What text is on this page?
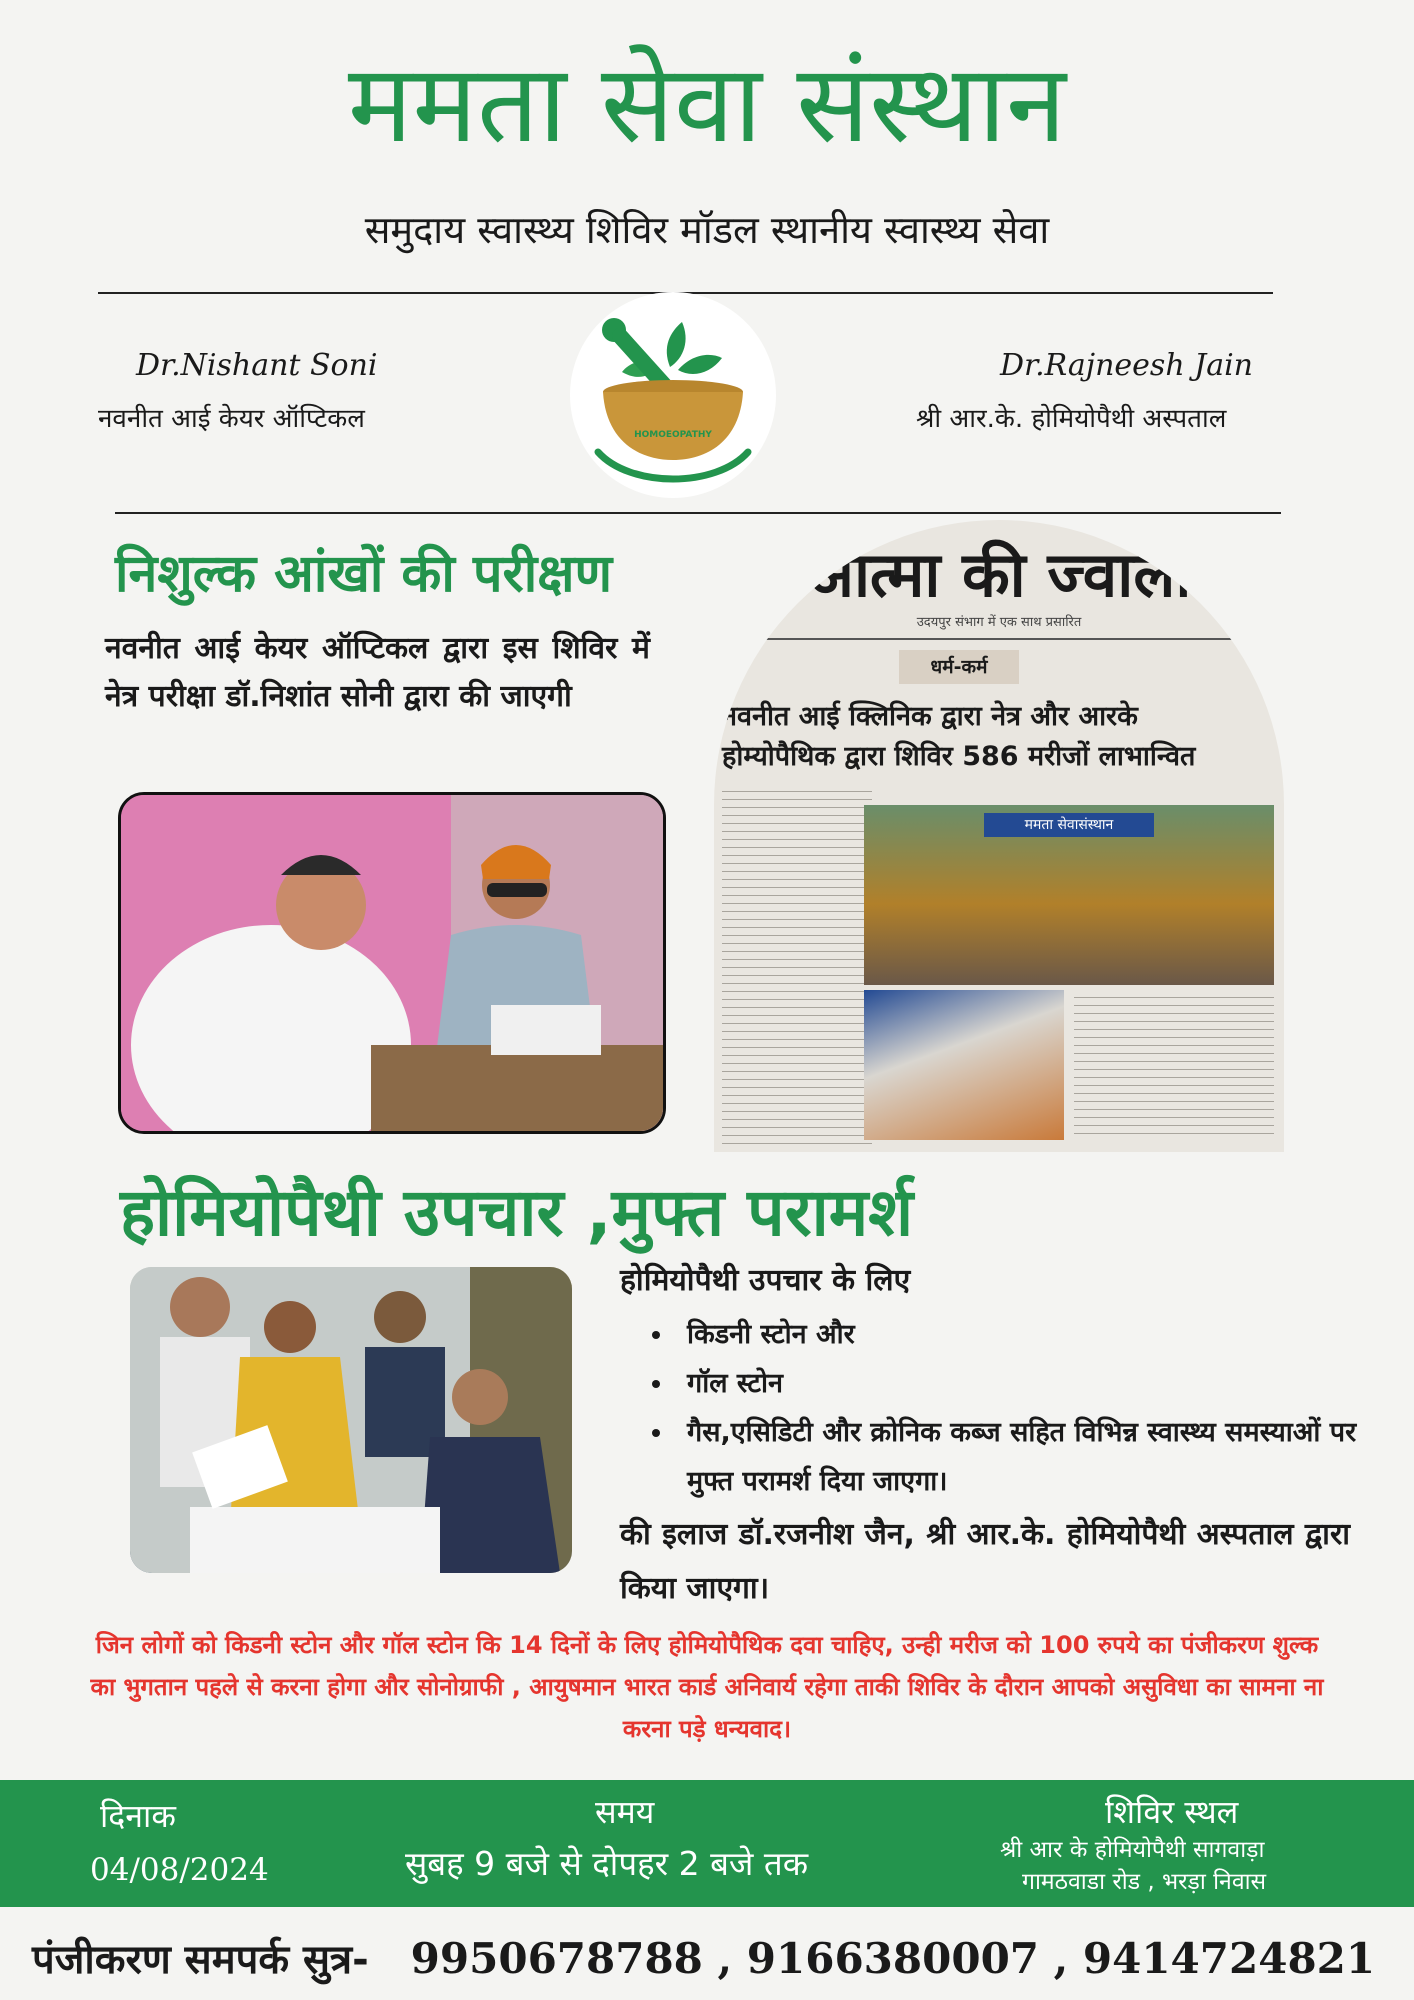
ममता सेवा संस्थान
समुदाय स्वास्थ्य शिविर मॉडल स्थानीय स्वास्थ्य सेवा
Dr.Nishant Soni
नवनीत आई केयर ऑप्टिकल
Dr.Rajneesh Jain
श्री आर.के. होमियोपैथी अस्पताल
HOMOEOPATHY
निशुल्क आंखों की परीक्षण
नवनीत आई केयर ऑप्टिकल द्वारा इस शिविर में नेत्र परीक्षा डॉ.निशांत सोनी द्वारा की जाएगी
आत्मा की ज्वाला
उदयपुर संभाग में एक साथ प्रसारित
धर्म-कर्म
नवनीत आई क्लिनिक द्वारा नेत्र और आरके
होम्योपैथिक द्वारा शिविर 586 मरीजों लाभान्वित
ममता सेवासंस्थान
होमियोपैथी उपचार ,मुफ्त परामर्श
होमियोपैथी उपचार के लिए
• किडनी स्टोन और
• गॉल स्टोन
• गैस,एसिडिटी और क्रोनिक कब्ज सहित विभिन्न स्वास्थ्य समस्याओं पर मुफ्त परामर्श दिया जाएगा।
की इलाज डॉ.रजनीश जैन, श्री आर.के. होमियोपैथी अस्पताल द्वारा किया जाएगा।
जिन लोगों को किडनी स्टोन और गॉल स्टोन कि 14 दिनों के लिए होमियोपैथिक दवा चाहिए, उन्ही मरीज को 100 रुपये का पंजीकरण शुल्क का भुगतान पहले से करना होगा और सोनोग्राफी , आयुषमान भारत कार्ड अनिवार्य रहेगा ताकी शिविर के दौरान आपको असुविधा का सामना ना करना पड़े धन्यवाद।
दिनाक
04/08/2024
समय
सुबह 9 बजे से दोपहर 2 बजे तक
शिविर स्थल
श्री आर के होमियोपैथी सागवाड़ा
गामठवाडा रोड , भरड़ा निवास
पंजीकरण समपर्क सुत्र- 9950678788 , 9166380007 , 9414724821
